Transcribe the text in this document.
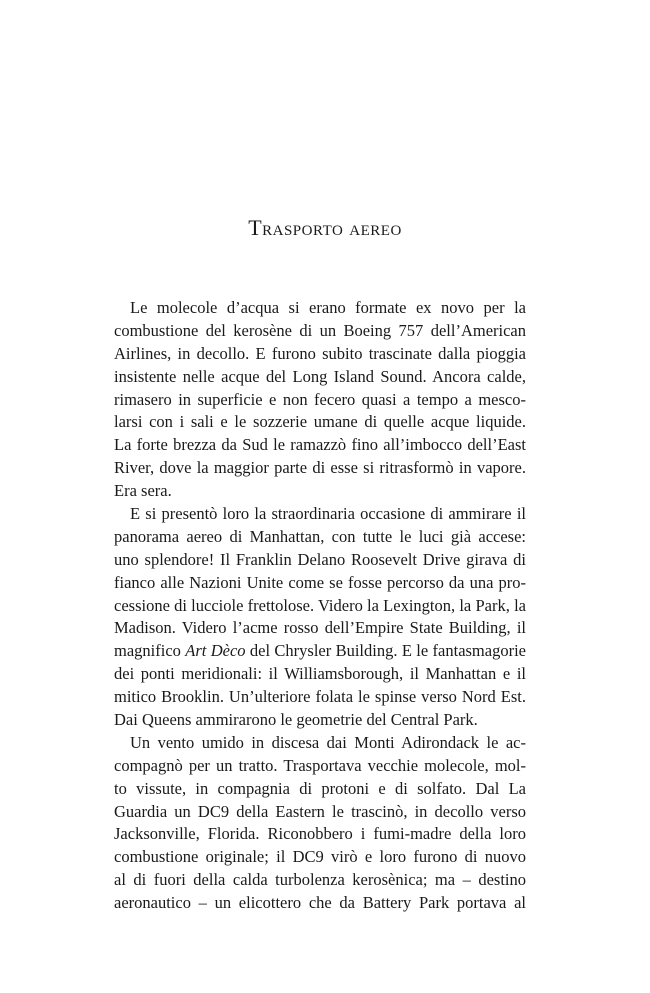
Trasporto aereo
Le molecole d’acqua si erano formate ex novo per la
combustione del kerosène di un Boeing 757 dell’American
Airlines, in decollo. E furono subito trascinate dalla pioggia
insistente nelle acque del Long Island Sound. Ancora calde,
rimasero in superficie e non fecero quasi a tempo a mesco-
larsi con i sali e le sozzerie umane di quelle acque liquide.
La forte brezza da Sud le ramazzò fino all’imbocco dell’East
River, dove la maggior parte di esse si ritrasformò in vapore.
Era sera.
E si presentò loro la straordinaria occasione di ammirare il
panorama aereo di Manhattan, con tutte le luci già accese:
uno splendore! Il Franklin Delano Roosevelt Drive girava di
fianco alle Nazioni Unite come se fosse percorso da una pro-
cessione di lucciole frettolose. Videro la Lexington, la Park, la
Madison. Videro l’acme rosso dell’Empire State Building, il
magnifico Art Dèco del Chrysler Building. E le fantasmagorie
dei ponti meridionali: il Williamsborough, il Manhattan e il
mitico Brooklin. Un’ulteriore folata le spinse verso Nord Est.
Dai Queens ammirarono le geometrie del Central Park.
Un vento umido in discesa dai Monti Adirondack le ac-
compagnò per un tratto. Trasportava vecchie molecole, mol-
to vissute, in compagnia di protoni e di solfato. Dal La
Guardia un DC9 della Eastern le trascinò, in decollo verso
Jacksonville, Florida. Riconobbero i fumi-madre della loro
combustione originale; il DC9 virò e loro furono di nuovo
al di fuori della calda turbolenza kerosènica; ma – destino
aeronautico – un elicottero che da Battery Park portava al
